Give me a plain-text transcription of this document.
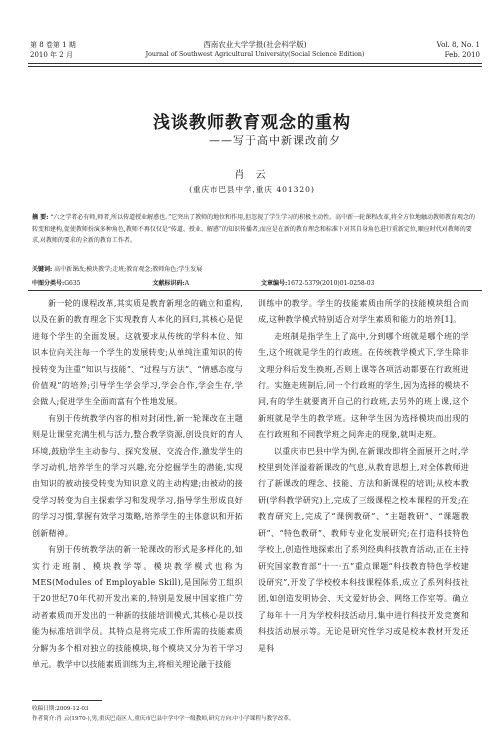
第 8 卷第 1 期
2010 年 2 月
西南农业大学学报(社会科学版)
Journal of Southwest Agricultural University(Social Science Edition)
Vol. 8, No. 1
Feb. 2010
浅谈教师教育观念的重构
——写于高中新课改前夕
肖 云
(重庆市巴县中学,重庆 401320)
摘 要: “六之学者必有师,师者,所以传道授业解惑也。”它突出了教师的地位和作用,但忽视了学生学习的积极主动性。高中新一轮课程改革,将全方位地触动教师教育观念的转变和建构,促使教师扮演多种角色,教师不再仅仅是“传道、授业、解惑”的知识传播者,而应是在新的教育理念和标准下对其自身角色进行重新定位,顺应时代对教师的要求,对教师的要求的全新的教育工作者。
关键词: 高中新课改;模块教学;走班;教育观念;教师角色;学生发展
中图分类号:G635	文献标识码:A	文章编号:1672-5379(2010)01-0258-03

新一轮的课程改革,其实质是教育新理念的确立和重构,以及在新的教育理念下实现教育人本化的回归,其核心是促进每个学生的全面发展。这就要求从传统的学科本位、知识本位向关注每一个学生的发展转变;从单纯注重知识的传授转变为注重“知识与技能”、“过程与方法”、“情感态度与价值观”的培养;引导学生学会学习,学会合作,学会生存,学会做人;促进学生全面而富有个性地发展。

有别于传统教学内容的相对封闭性,新一轮课改在主题则是让课堂充满生机与活力,整合教学资源,创设良好的育人环境,鼓励学生主动参与、探究发展、交流合作,激发学生的学习动机,培养学生的学习兴趣,充分挖掘学生的潜能,实现由知识的被动接受转变为知识意义的主动构建;由被动的接受学习转变为自主探索学习和发现学习,指导学生形成良好的学习习惯,掌握有效学习策略,培养学生的主体意识和开拓创新精神。

有别于传统教学法的新一轮课改的形式是多样化的,如实行走班制、模块教学等。模块教学模式也称为MES(Modules of Employable Skill),是国际劳工组织于20世纪70年代初开发出来的,特别是发展中国家推广劳动者素质而开发出的一种新的技能培训模式,其核心是以技能为标准培训学员。其特点是将完成工作所需的技能素质分解为多个相对独立的技能模块,每个模块又分为若干学习单元。教学中以技能素质训练为主,将相关理论融于技能

训练中的教学。学生的技能素质由所学的技能模块组合而成,这种教学模式特别适合对学生素质和能力的培养[1]。

走班制是指学生上了高中,分到哪个班就是哪个班的学生,这个班就是学生的行政班。在传统教学模式下,学生除非文理分科后发生换班,否则上课等各项活动都要在行政班进行。实施走班制后,同一个行政班的学生,因为选择的模块不同,有的学生就要离开自己的行政班,去另外的班上课,这个新班就是学生的教学班。这种学生因为选择模块而出现的在行政班和不同教学班之间奔走的现象,就叫走班。

以重庆市巴县中学为例,在新课改即将全面展开之时,学校里到处洋溢着新课改的气息,从教育思想上,对全体教师进行了新课改的理念、技能、方法和新课程的培训;从校本教研(学科教学研究)上,完成了三级课程之校本课程的开发;在教育研究上,完成了“课例教研”、“主题教研”、“课题教研”、“特色教研”、教师专业化发展研究;在打造科技特色学校上,创造性地探索出了系列经典科技教育活动,正在主持研究国家教育部“十一·五”重点课题“科技教育特色学校建设研究”,开发了学校校本科技课程体系,成立了系列科技社团,如创造发明协会、天文爱好协会、网络工作室等。确立了每年十一月为学校科技活动月,集中进行科技开发竞赛和科技活动展示等。无论是研究性学习或是校本教材开发还是科

收稿日期:2009-12-03
作者简介:肖 云(1970-),男,重庆巴南区人,重庆市巴县中学中学一级教师,研究方向:中小学课程与教学改革。
